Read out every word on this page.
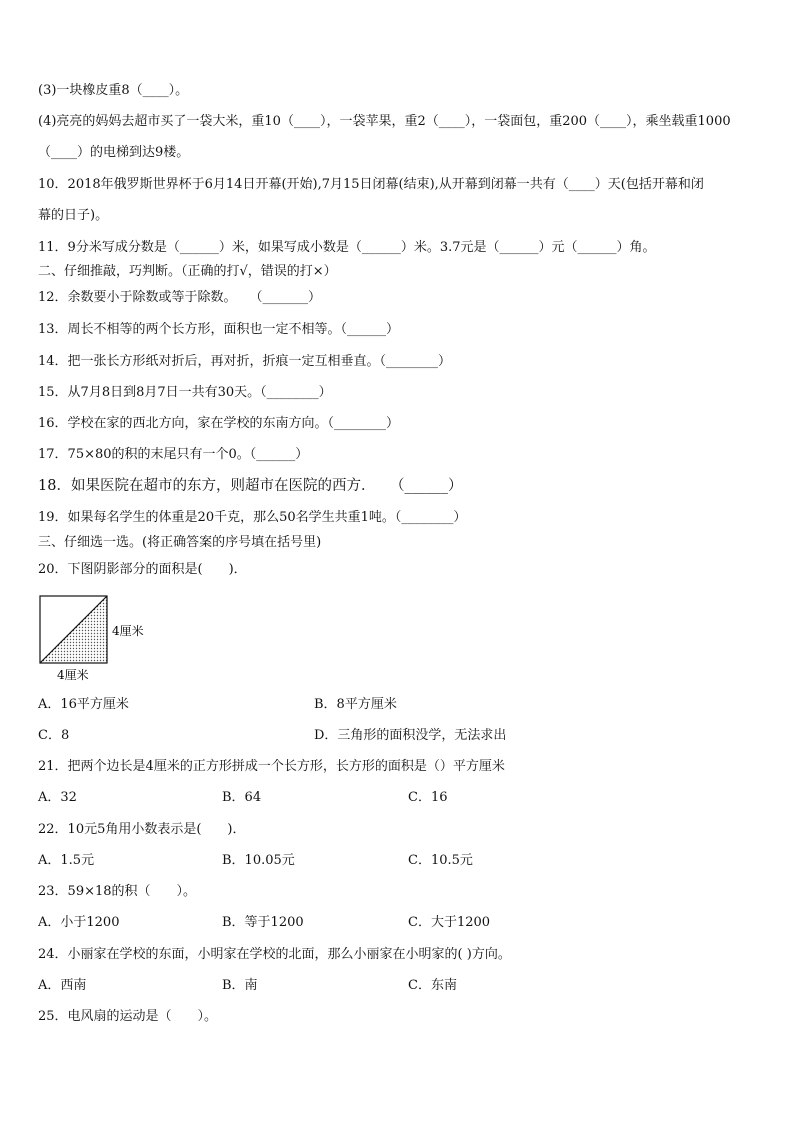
(3)一块橡皮重8（____）。
(4)亮亮的妈妈去超市买了一袋大米，重10（____），一袋苹果，重2（____），一袋面包，重200（____），乘坐载重1000
（____）的电梯到达9楼。
10．2018年俄罗斯世界杯于6月14日开幕(开始),7月15日闭幕(结束),从开幕到闭幕一共有（____）天(包括开幕和闭
幕的日子)。
11．9分米写成分数是（______）米，如果写成小数是（______）米。3.7元是（______）元（______）角。
二、仔细推敲，巧判断。（正确的打√，错误的打×）
12．余数要小于除数或等于除数。　　（_______）
13．周长不相等的两个长方形，面积也一定不相等。（______）
14．把一张长方形纸对折后，再对折，折痕一定互相垂直。（________）
15．从7月8日到8月7日一共有30天。（________）
16．学校在家的西北方向，家在学校的东南方向。（________）
17．75×80的积的末尾只有一个0。（______）
18．如果医院在超市的东方，则超市在医院的西方．　　（______）
19．如果每名学生的体重是20千克，那么50名学生共重1吨。（________）
三、仔细选一选。(将正确答案的序号填在括号里)
20．下图阴影部分的面积是(　　)．
4厘米
4厘米
A．16平方厘米	B．8平方厘米
C．8	D．三角形的面积没学，无法求出
21．把两个边长是4厘米的正方形拼成一个长方形，长方形的面积是（）平方厘米
A．32	B．64	C．16
22．10元5角用小数表示是(　　)．
A．1.5元	B．10.05元	C．10.5元
23．59×18的积（　　）。
A．小于1200	B．等于1200	C．大于1200
24．小丽家在学校的东面，小明家在学校的北面，那么小丽家在小明家的( )方向。
A．西南	B．南	C．东南
25．电风扇的运动是（　　）。
